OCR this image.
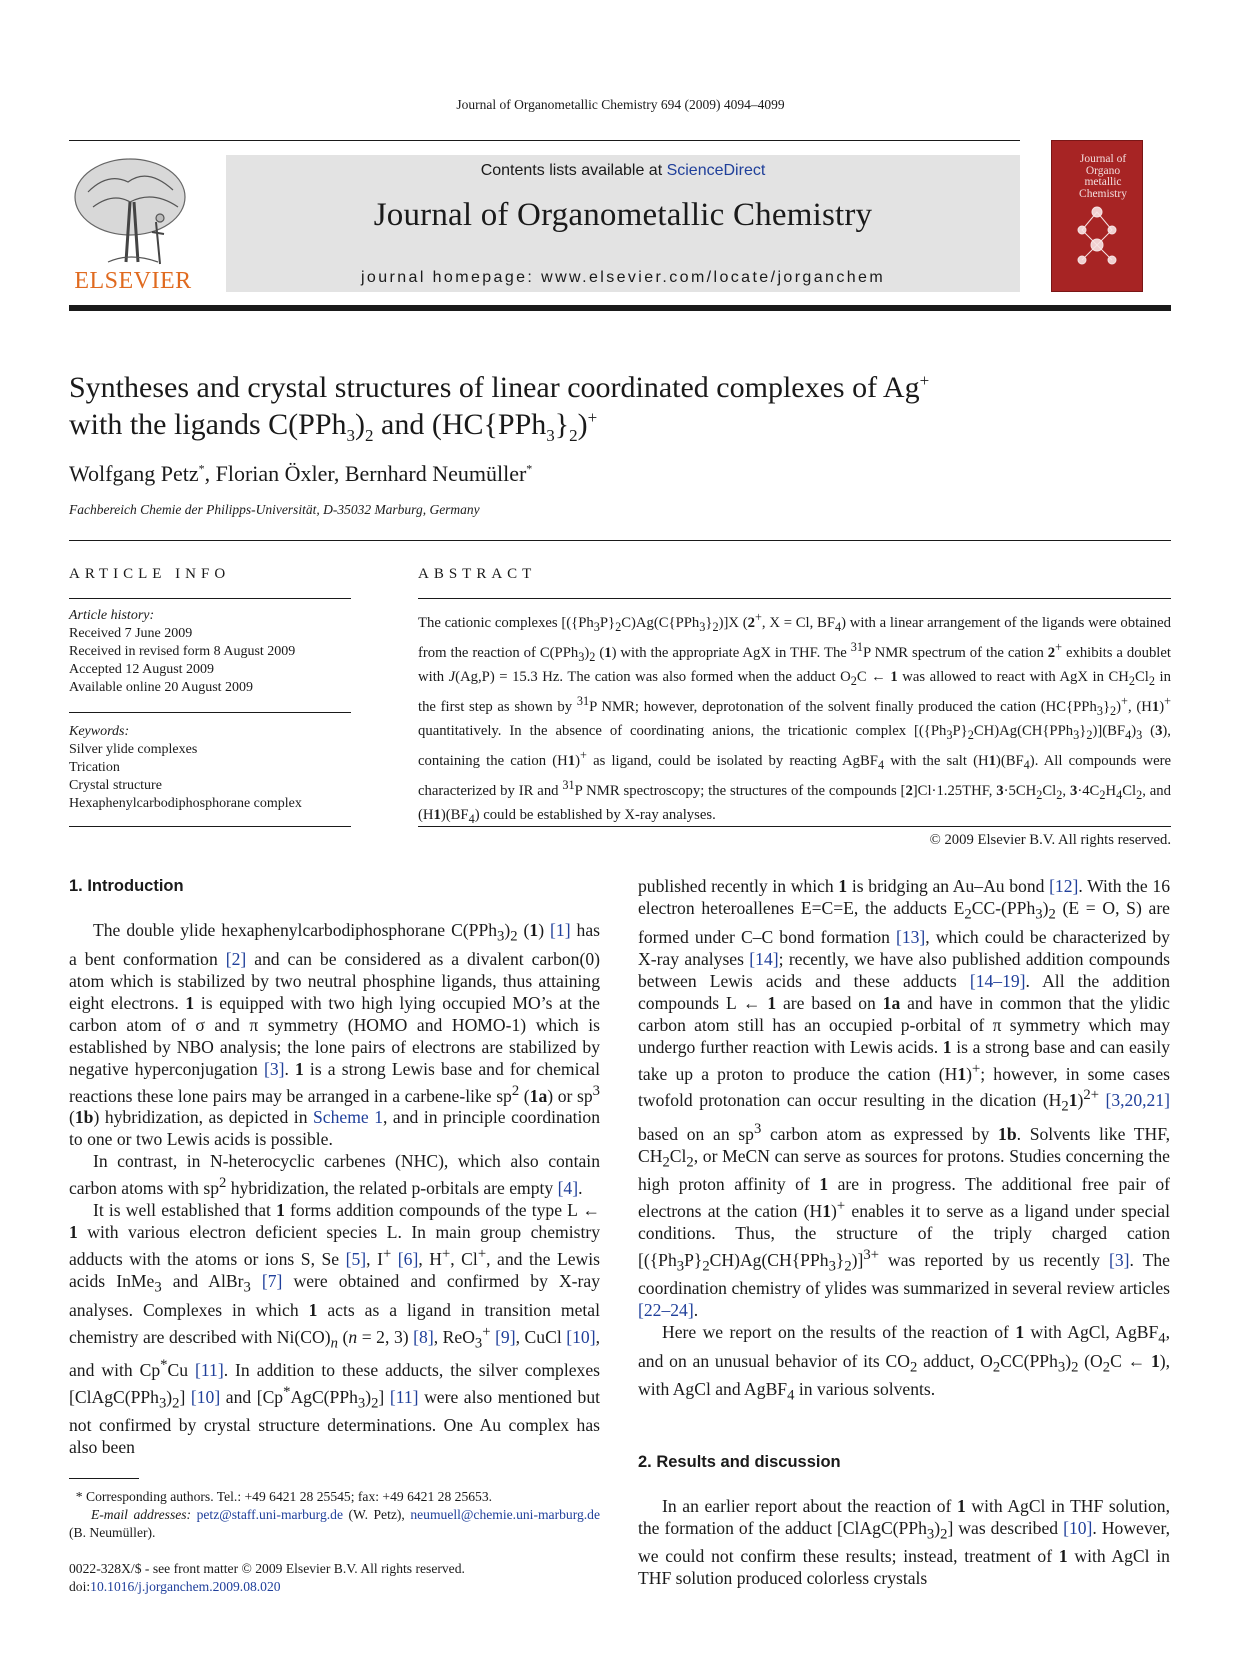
Journal of Organometallic Chemistry 694 (2009) 4094–4099
ELSEVIER
Contents lists available at ScienceDirect
Journal of Organometallic Chemistry
journal homepage: www.elsevier.com/locate/jorganchem
Journal of Organo metallic Chemistry
Syntheses and crystal structures of linear coordinated complexes of Ag+
with the ligands $C(PPh_3)_2$ and $(HC\{PPh_3\}_2)^+$
Wolfgang Petz*, Florian Öxler, Bernhard Neumüller*
Fachbereich Chemie der Philipps-Universität, D-35032 Marburg, Germany
ARTICLE INFO
Article history:
Received 7 June 2009
Received in revised form 8 August 2009
Accepted 12 August 2009
Available online 20 August 2009
Keywords:
Silver ylide complexes
Trication
Crystal structure
Hexaphenylcarbodiphosphorane complex
ABSTRACT

The cationic complexes $[(\{Ph_3P\}_2C)Ag(C\{PPh_3\}_2)]X$ (2+, X = Cl, $BF_4$) with a linear arrangement of the ligands were obtained from the reaction of $C(PPh_3)_2$ (1) with the appropriate AgX in THF. The $^{31}$P NMR spectrum of the cation 2+ exhibits a doublet with J(Ag,P) = 15.3 Hz. The cation was also formed when the adduct $O_2C$ ← 1 was allowed to react with AgX in $CH_2Cl_2$ in the first step as shown by $^{31}$P NMR; however, deprotonation of the solvent finally produced the cation $(HC\{PPh_3\}_2)^+$, (H1)+ quantitatively. In the absence of coordinating anions, the tricationic complex $[(\{Ph_3P\}_2CH)Ag(CH\{PPh_3\}_2)](BF_4)_3$ (3), containing the cation (H1)+ as ligand, could be isolated by reacting AgBF$_4$ with the salt $(H1)(BF_4)$. All compounds were characterized by IR and $^{31}$P NMR spectroscopy; the structures of the compounds [2]Cl·1.25THF, $3\cdot 5CH_2Cl_2$, $3\cdot 4C_2H_4Cl_2$, and $(H1)(BF_4)$ could be established by X-ray analyses.

© 2009 Elsevier B.V. All rights reserved.
1. Introduction

The double ylide hexaphenylcarbodiphosphorane $C(PPh_3)_2$ (1) [1] has a bent conformation [2] and can be considered as a divalent carbon(0) atom which is stabilized by two neutral phosphine ligands, thus attaining eight electrons. 1 is equipped with two high lying occupied MO’s at the carbon atom of σ and π symmetry (HOMO and HOMO-1) which is established by NBO analysis; the lone pairs of electrons are stabilized by negative hyperconjugation [3]. 1 is a strong Lewis base and for chemical reactions these lone pairs may be arranged in a carbene-like $sp^2$ (1a) or $sp^3$ (1b) hybridization, as depicted in Scheme 1, and in principle coordination to one or two Lewis acids is possible.

In contrast, in N-heterocyclic carbenes (NHC), which also contain carbon atoms with $sp^2$ hybridization, the related p-orbitals are empty [4].

It is well established that 1 forms addition compounds of the type L ← 1 with various electron deficient species L. In main group chemistry adducts with the atoms or ions S, Se [5], I+ [6], H+, Cl+, and the Lewis acids InMe$_3$ and AlBr$_3$ [7] were obtained and confirmed by X-ray analyses. Complexes in which 1 acts as a ligand in transition metal chemistry are described with $Ni(CO)_n$ (n = 2, 3) [8], ReO$_3$+ [9], CuCl [10], and with Cp*Cu [11]. In addition to these adducts, the silver complexes $[ClAgC(PPh_3)_2]$ [10] and $[Cp^*AgC(PPh_3)_2]$ [11] were also mentioned but not confirmed by crystal structure determinations. One Au complex has also been

* Corresponding authors. Tel.: +49 6421 28 25545; fax: +49 6421 28 25653.

E-mail addresses: petz@staff.uni-marburg.de (W. Petz), neumuell@chemie.uni-marburg.de (B. Neumüller).

0022-328X/$ - see front matter © 2009 Elsevier B.V. All rights reserved.
doi:10.1016/j.jorganchem.2009.08.020

published recently in which 1 is bridging an Au–Au bond [12]. With the 16 electron heteroallenes E=C=E, the adducts $E_2CC-(PPh_3)_2$ (E = O, S) are formed under C–C bond formation [13], which could be characterized by X-ray analyses [14]; recently, we have also published addition compounds between Lewis acids and these adducts [14–19]. All the addition compounds L ← 1 are based on 1a and have in common that the ylidic carbon atom still has an occupied p-orbital of π symmetry which may undergo further reaction with Lewis acids. 1 is a strong base and can easily take up a proton to produce the cation (H1)+; however, in some cases twofold protonation can occur resulting in the dication $(H_21)^{2+}$ [3,20,21] based on an $sp^3$ carbon atom as expressed by 1b. Solvents like THF, $CH_2Cl_2$, or MeCN can serve as sources for protons. Studies concerning the high proton affinity of 1 are in progress. The additional free pair of electrons at the cation (H1)+ enables it to serve as a ligand under special conditions. Thus, the structure of the triply charged cation $[(\{Ph_3P\}_2CH)Ag(CH\{PPh_3\}_2)]^{3+}$ was reported by us recently [3]. The coordination chemistry of ylides was summarized in several review articles [22–24].

Here we report on the results of the reaction of 1 with AgCl, AgBF$_4$, and on an unusual behavior of its $CO_2$ adduct, $O_2CC(PPh_3)_2$ ($O_2C$ ← 1), with AgCl and AgBF$_4$ in various solvents.

2. Results and discussion

In an earlier report about the reaction of 1 with AgCl in THF solution, the formation of the adduct $[ClAgC(PPh_3)_2]$ was described [10]. However, we could not confirm these results; instead, treatment of 1 with AgCl in THF solution produced colorless crystals
